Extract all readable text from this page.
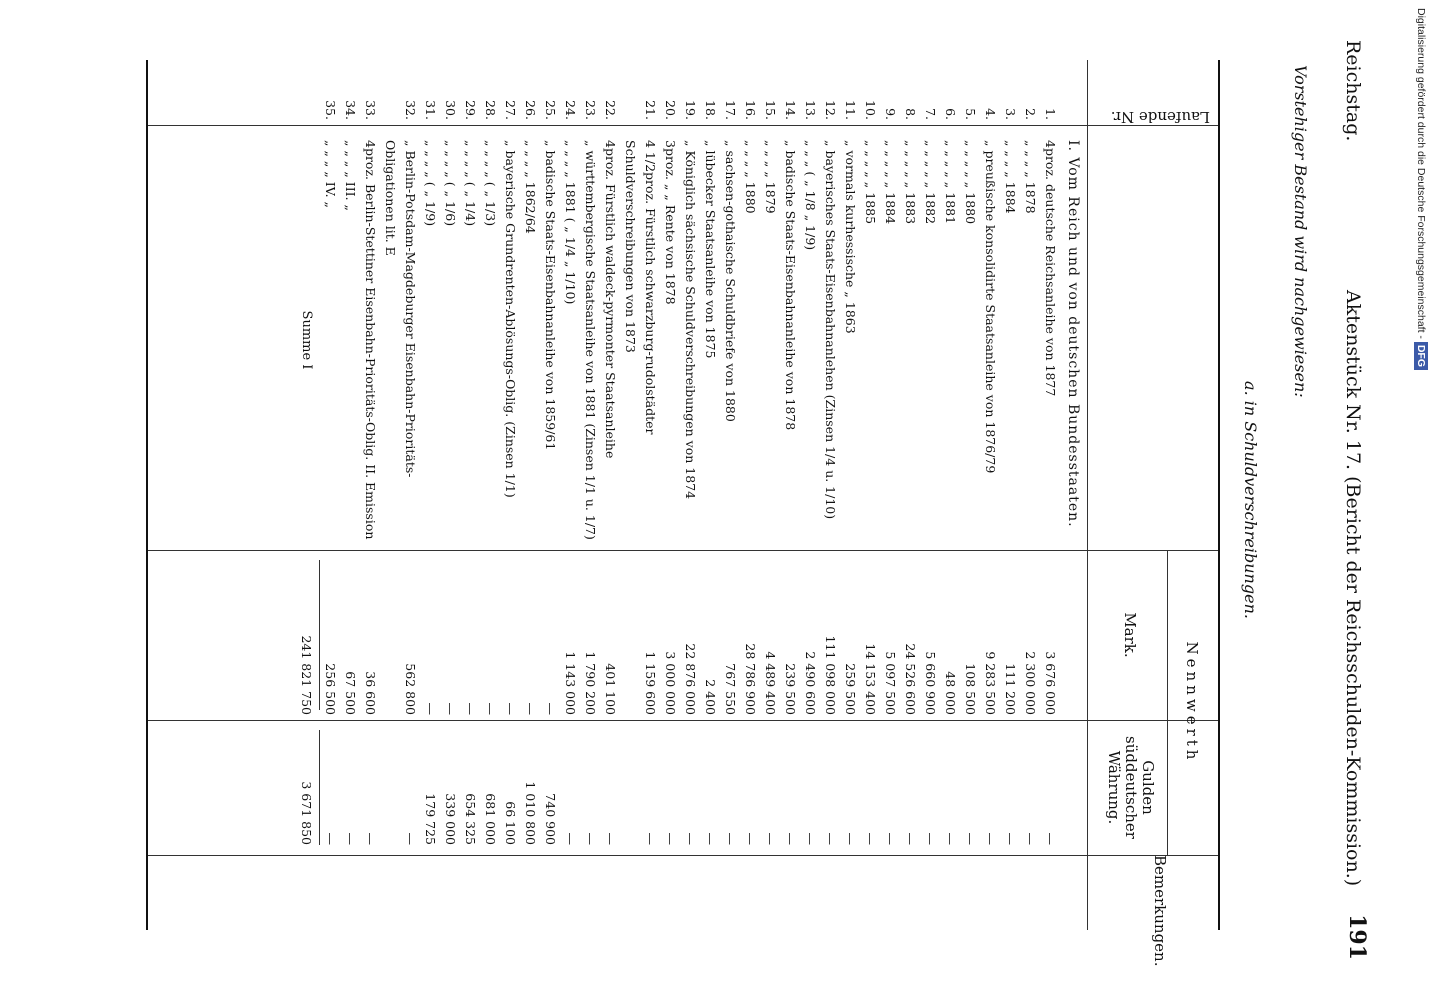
Reichstag.
Aktenstück Nr. 17. (Bericht der Reichsschulden-Kommission.)
191
Vorstehiger Bestand wird nachgewiesen:
a. in Schuldverschreibungen.
Laufende Nr.
Nennwerth
Mark.
Gulden süddeutscher Währung.
Bemerkungen.
I. Vom Reich und von deutschen Bundesstaaten.
1.
4proz. deutsche Reichsanleihe von 1877
3 676 000
—
2.
„ „ „ „ 1878
2 300 000
—
3.
„ „ „ „ 1884
111 200
—
4.
„ preußische konsolidirte Staatsanleihe von 1876/79
9 283 500
—
5.
„ „ „ „ „ 1880
108 500
—
6.
„ „ „ „ „ 1881
48 000
—
7.
„ „ „ „ „ 1882
5 660 900
—
8.
„ „ „ „ „ 1883
24 526 600
—
9.
„ „ „ „ „ 1884
5 097 500
—
10.
„ „ „ „ „ 1885
14 153 400
—
11.
„ vormals kurhessische „ 1863
259 500
—
12.
„ bayerisches Staats-Eisenbahnanlehen (Zinsen 1/4 u. 1/10)
111 098 000
—
13.
„ „ „ ( „ 1/8 „ 1/9)
2 490 600
—
14.
„ badische Staats-Eisenbahnanleihe von 1878
239 500
—
15.
„ „ „ „ 1879
4 489 400
—
16.
„ „ „ „ 1880
28 786 900
—
17.
„ sachsen-gothaische Schuldbriefe von 1880
767 550
—
18.
„ lübecker Staatsanleihe von 1875
2 400
—
19.
„ Königlich sächsische Schuldverschreibungen von 1874
22 876 000
—
20.
3proz. „ „ Rente von 1878
3 000 000
—
21.
4 1/2proz. Fürstlich schwarzburg-rudolstädter Schuldverschreibungen von 1873
1 159 600
—
22.
4proz. Fürstlich waldeck-pyrmonter Staatsanleihe
401 100
—
23.
„ württembergische Staatsanleihe von 1881 (Zinsen 1/1 u. 1/7)
1 790 200
—
24.
„ „ „ „ 1881 ( „ 1/4 „ 1/10)
1 143 000
—
25.
„ badische Staats-Eisenbahnanleihe von 1859/61
—
740 900
26.
„ „ „ „ 1862/64
—
1 010 800
27.
„ bayerische Grundrenten-Ablösungs-Oblig. (Zinsen 1/1)
—
66 100
28.
„ „ „ „ ( „ 1/3)
—
681 000
29.
„ „ „ „ ( „ 1/4)
—
654 325
30.
„ „ „ „ ( „ 1/6)
—
339 000
31.
„ „ „ „ ( „ 1/9)
—
179 725
32.
„ Berlin-Potsdam-Magdeburger Eisenbahn-Prioritäts-Obligationen lit. E
562 800
—
33.
4proz. Berlin-Stettiner Eisenbahn-Prioritäts-Oblig. II. Emission
36 600
—
34.
„ „ „ „ III. „
67 500
—
35.
„ „ „ „ IV. „
256 500
—
Summe I
241 821 750
3 671 850
Digitalisierung gefördert durch die Deutsche Forschungsgemeinschaft - DFG
